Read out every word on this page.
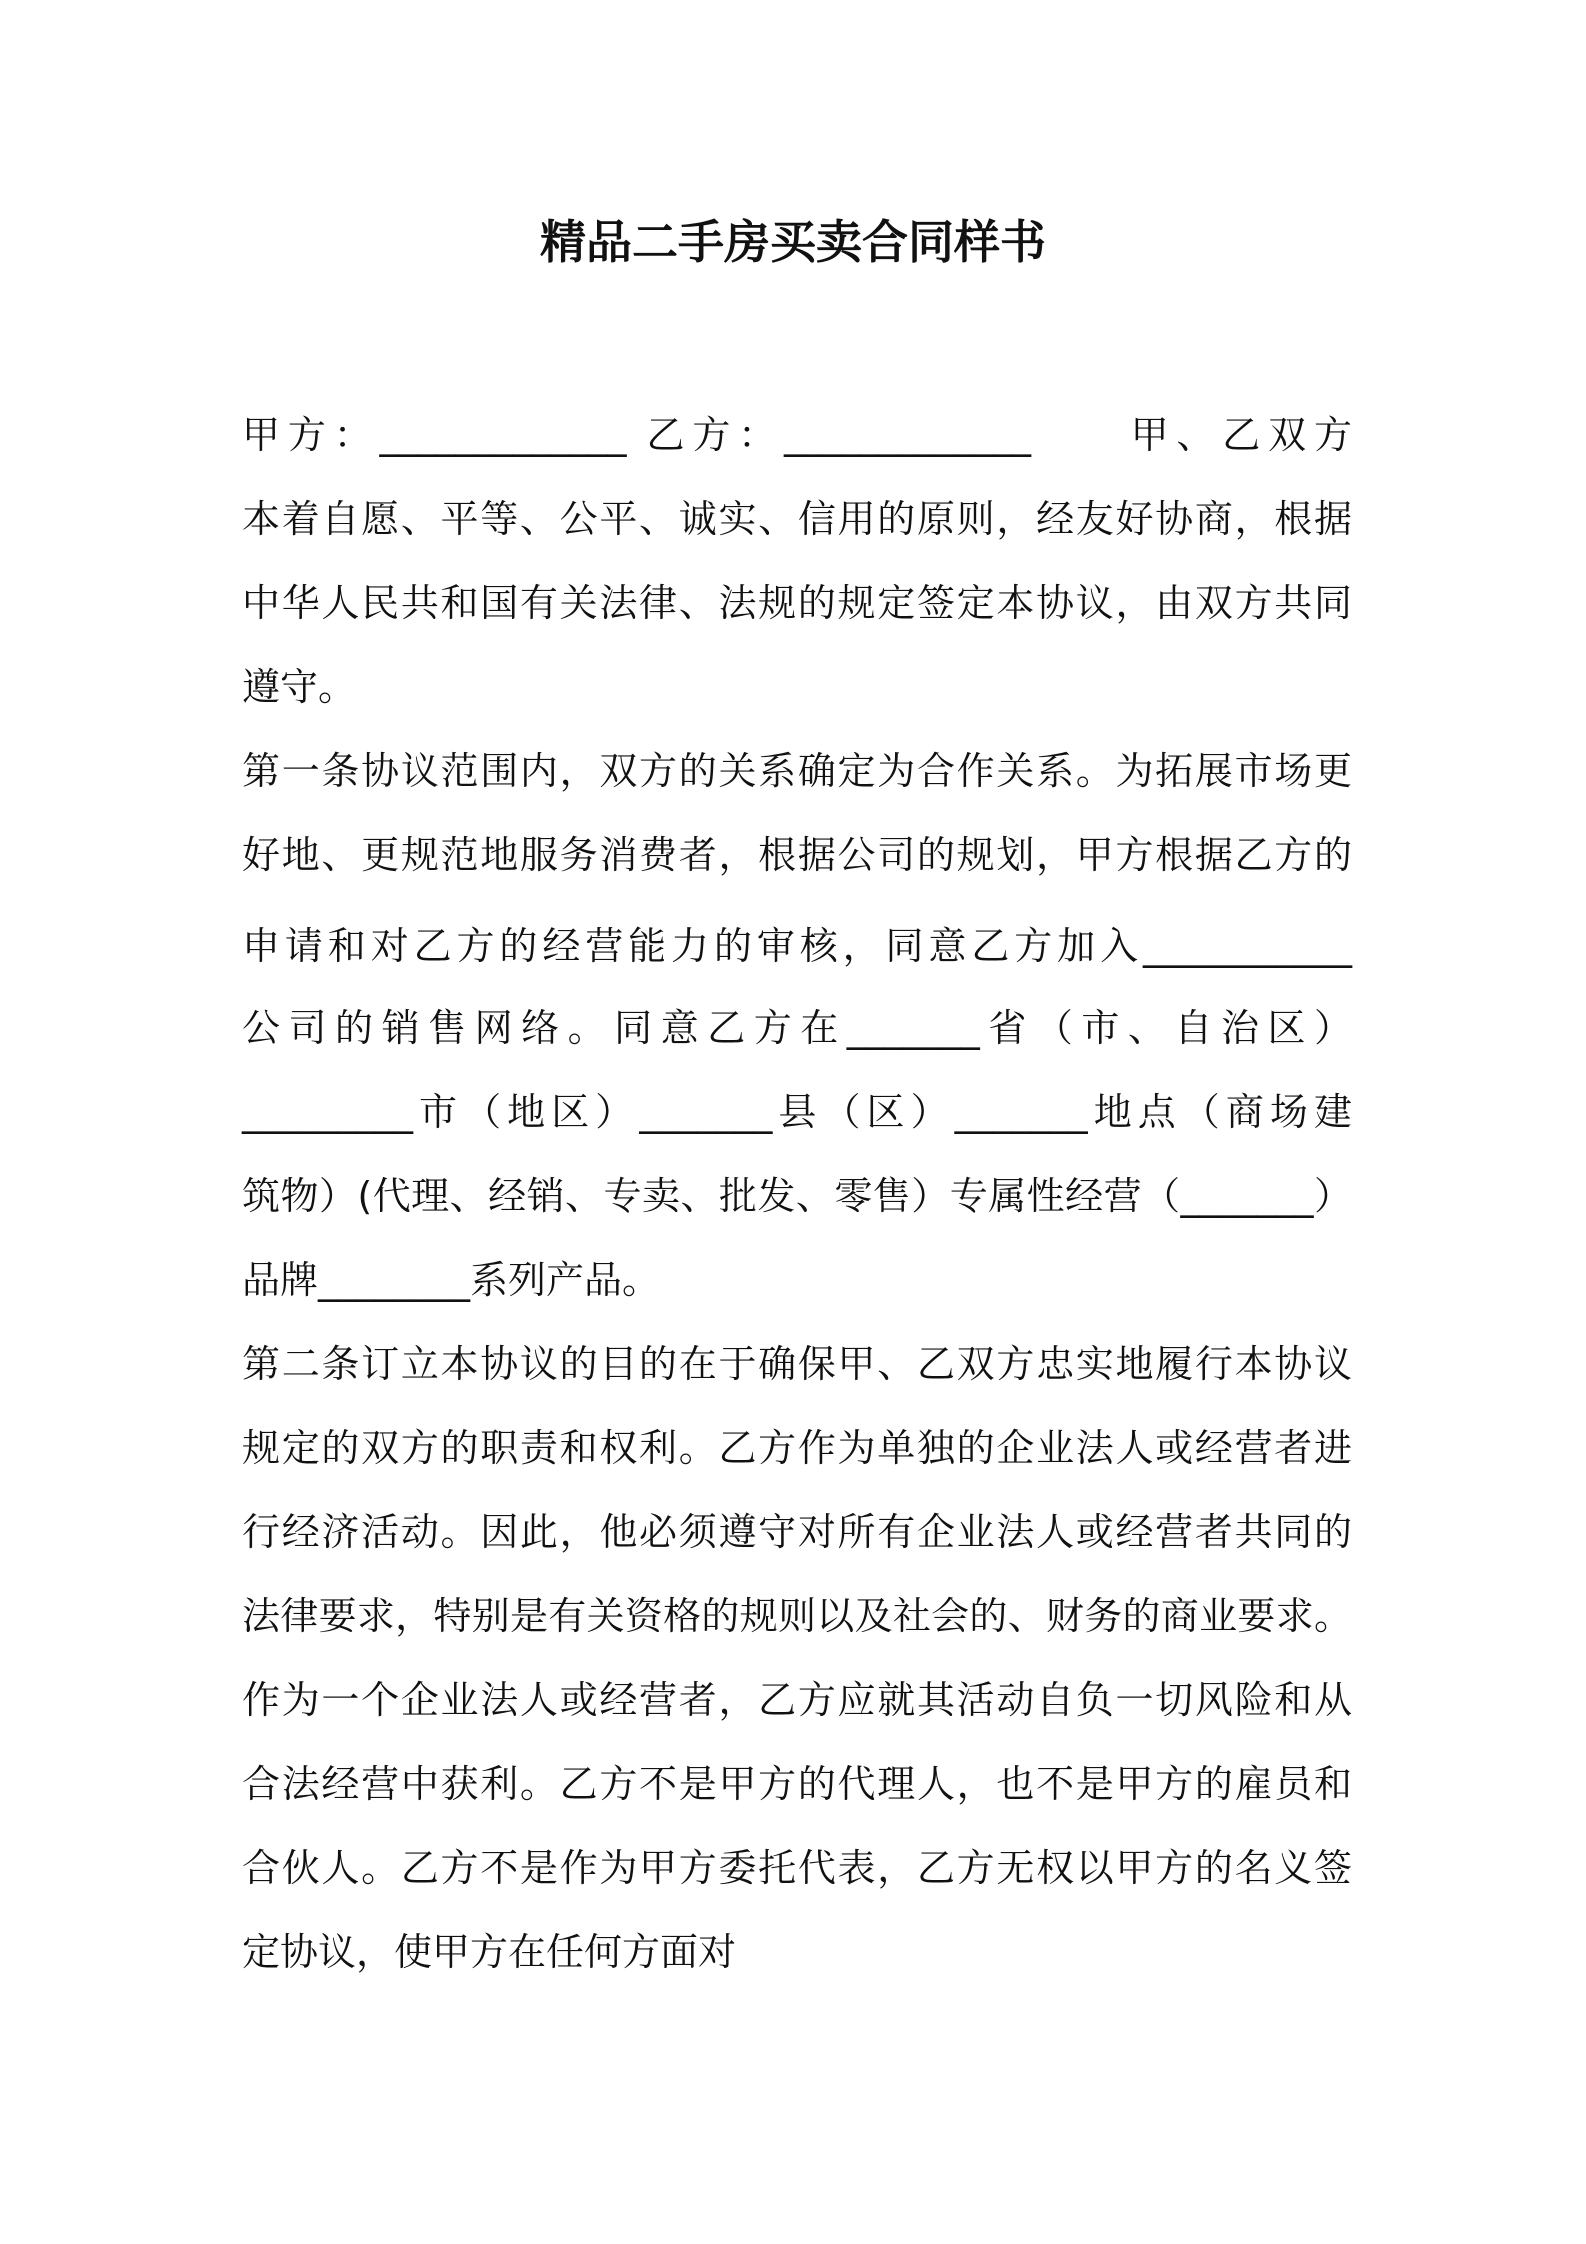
精品二手房买卖合同样书
甲方：_____________ 乙方：_____________　　甲、乙双方
本着自愿、平等、公平、诚实、信用的原则，经友好协商，根据
中华人民共和国有关法律、法规的规定签定本协议，由双方共同
遵守。
第一条协议范围内，双方的关系确定为合作关系。为拓展市场更
好地、更规范地服务消费者，根据公司的规划，甲方根据乙方的
申请和对乙方的经营能力的审核，同意乙方加入___________
公司的销售网络。同意乙方在_______省（市、自治区）
_________市（地区）_______县（区）_______地点（商场建
筑物）(代理、经销、专卖、批发、零售）专属性经营（_______）
品牌________系列产品。
第二条订立本协议的目的在于确保甲、乙双方忠实地履行本协议
规定的双方的职责和权利。乙方作为单独的企业法人或经营者进
行经济活动。因此，他必须遵守对所有企业法人或经营者共同的
法律要求，特别是有关资格的规则以及社会的、财务的商业要求。
作为一个企业法人或经营者，乙方应就其活动自负一切风险和从
合法经营中获利。乙方不是甲方的代理人，也不是甲方的雇员和
合伙人。乙方不是作为甲方委托代表，乙方无权以甲方的名义签
定协议，使甲方在任何方面对
